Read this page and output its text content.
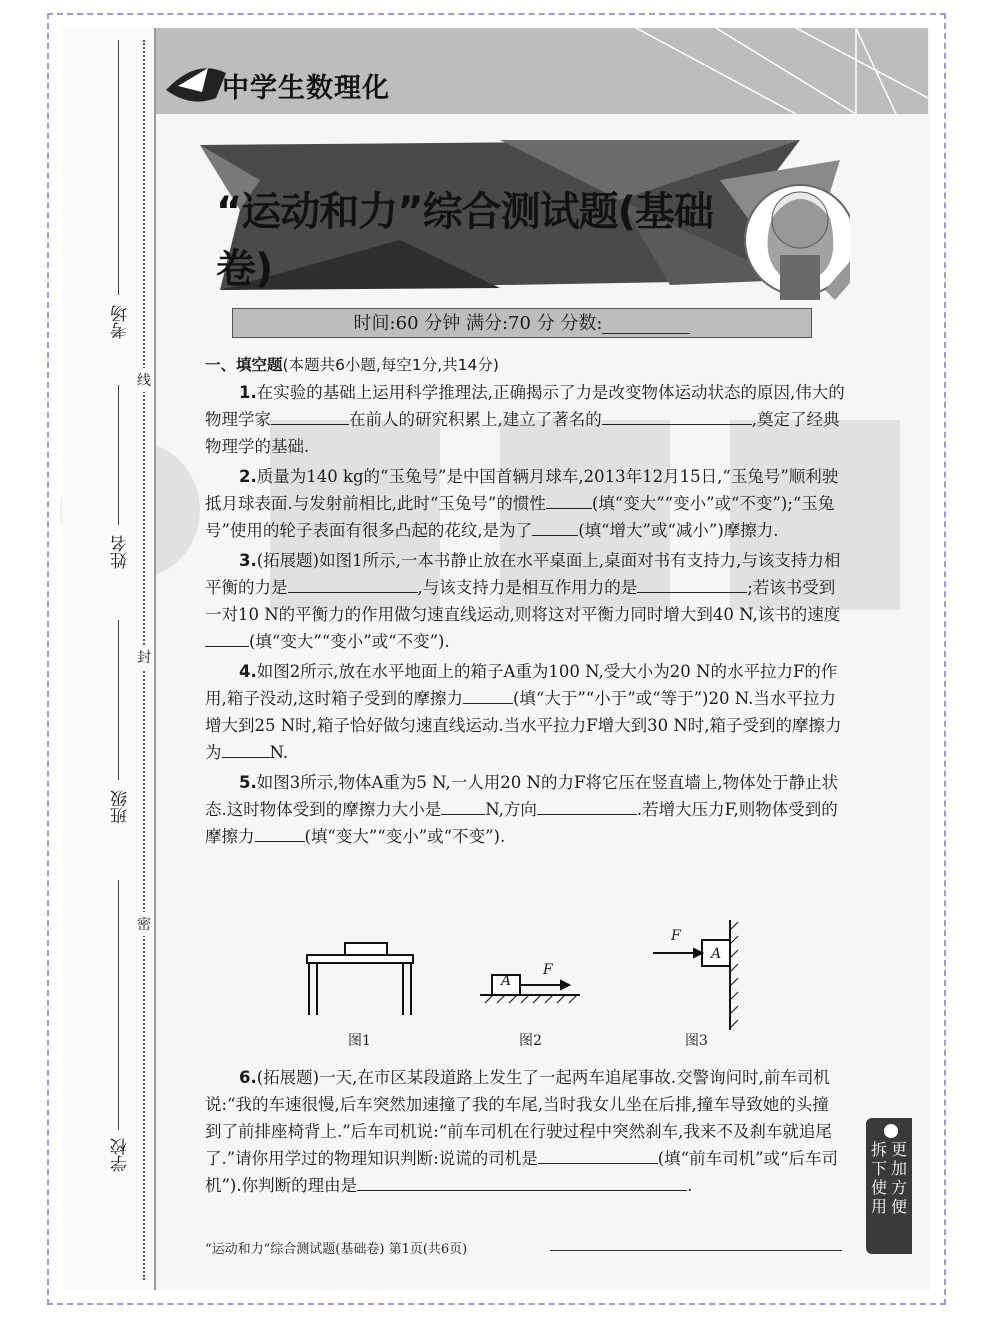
考场
姓名
班级
学校
线
封
密
中学生数理化
“运动和力”综合测试题(基础卷)
时间:60 分钟 满分:70 分 分数:

一、填空题(本题共6小题,每空1分,共14分)

1.在实验的基础上运用科学推理法,正确揭示了力是改变物体运动状态的原因,伟大的物理学家	在前人的研究积累上,建立了著名的	,奠定了经典物理学的基础.

2.质量为140 kg的“玉兔号”是中国首辆月球车,2013年12月15日,“玉兔号”顺利驶抵月球表面.与发射前相比,此时“玉兔号”的惯性	(填“变大”“变小”或“不变”);“玉兔号”使用的轮子表面有很多凸起的花纹,是为了	(填“增大”或“减小”)摩擦力.

3.(拓展题)如图1所示,一本书静止放在水平桌面上,桌面对书有支持力,与该支持力相平衡的力是	,与该支持力是相互作用力的是	;若该书受到一对10 N的平衡力的作用做匀速直线运动,则将这对平衡力同时增大到40 N,该书的速度(填“变大”“变小”或“不变”).

4.如图2所示,放在水平地面上的箱子A重为100 N,受大小为20 N的水平拉力F的作用,箱子没动,这时箱子受到的摩擦力	(填“大于”“小于”或“等于”)20 N.当水平拉力增大到25 N时,箱子恰好做匀速直线运动.当水平拉力F增大到30 N时,箱子受到的摩擦力为	N.

5.如图3所示,物体A重为5 N,一人用20 N的力F将它压在竖直墙上,物体处于静止状态.这时物体受到的摩擦力大小是	N,方向	.若增大压力F,则物体受到的摩擦力	(填“变大”“变小”或“不变”).

A
F
A
F
图1	图2	图3

6.(拓展题)一天,在市区某段道路上发生了一起两车追尾事故.交警询问时,前车司机说:“我的车速很慢,后车突然加速撞了我的车尾,当时我女儿坐在后排,撞车导致她的头撞到了前排座椅背上.”后车司机说:“前车司机在行驶过程中突然刹车,我来不及刹车就追尾了.”请你用学过的物理知识判断:说谎的司机是	(填“前车司机”或“后车司机”).你判断的理由是	.

“运动和力”综合测试题(基础卷) 第1页(共6页)
拆下使用
更加方便
